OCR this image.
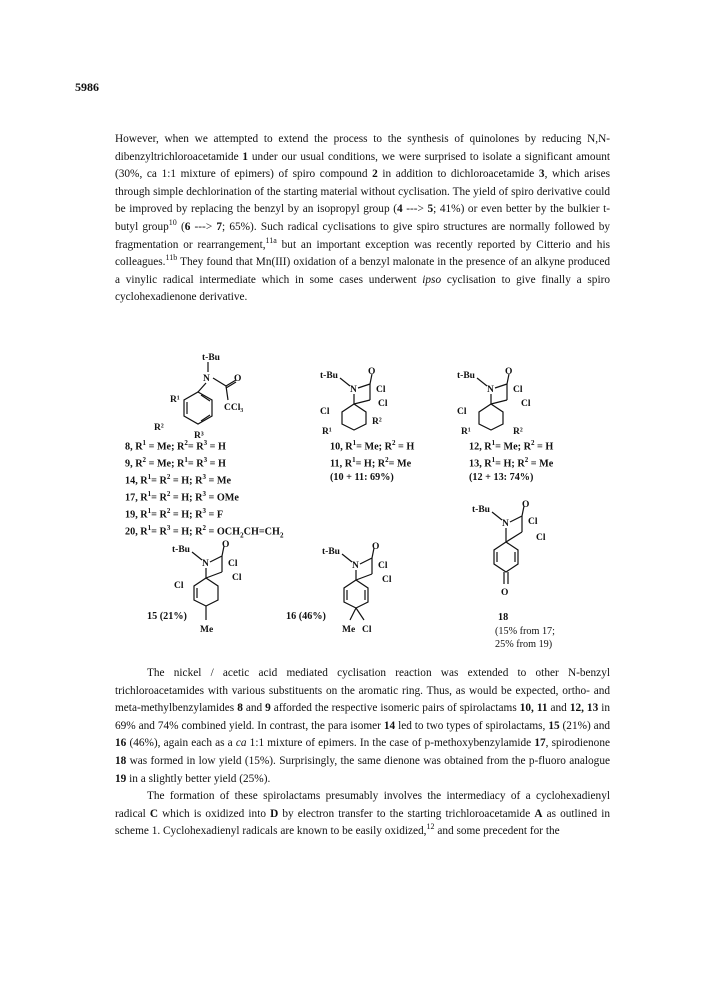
5986

However, when we attempted to extend the process to the synthesis of quinolones by reducing N,N-dibenzyltrichloroacetamide 1 under our usual conditions, we were surprised to isolate a significant amount (30%, ca 1:1 mixture of epimers) of spiro compound 2 in addition to dichloroacetamide 3, which arises through simple dechlorination of the starting material without cyclisation. The yield of spiro derivative could be improved by replacing the benzyl by an isopropyl group (4 ---> 5; 41%) or even better by the bulkier t-butyl group$^{10}$ (6 ---> 7; 65%). Such radical cyclisations to give spiro structures are normally followed by fragmentation or rearrangement,$^{11a}$ but an important exception was recently reported by Citterio and his colleagues.$^{11b}$ They found that Mn(III) oxidation of a benzyl malonate in the presence of an alkyne produced a vinylic radical intermediate which in some cases underwent ipso cyclisation to give finally a spiro cyclohexadienone derivative.

t-Bu
N	O
CCl₃
R¹
R²
R³
t-Bu
N
O
Cl
Cl
Cl
R²
R¹
t-Bu
N
O
Cl
Cl
Cl
R¹	R²
8, $R^1 = Me$; $R^2= R^3 = H$
9, $R^2 = Me$; $R^1= R^3 = H$
14, $R^1= R^2 = H$; $R^3 = Me$
17, $R^1= R^2 = H$; $R^3$ = OMe
19, $R^1= R^2 = H$; $R^3 = F$
20, $R^1= R^3 = H$; $R^2 = OCH_2CH=CH_2$
10, $R^1= Me$; $R^2 = H$
11, $R^1= H$; $R^2= Me$
(10 + 11: 69%)
12, $R^1= Me$; $R^2 = H$
13, $R^1= H$; $R^2 = Me$
(12 + 13: 74%)
t-Bu
N
O
Cl
Cl
Cl
Me
15 (21%)
t-Bu
N
O
Cl
Cl
Me Cl
16 (46%)
t-Bu
N
O
Cl
Cl
O
18
(15% from 17;
25% from 19)

The nickel / acetic acid mediated cyclisation reaction was extended to other N-benzyl trichloroacetamides with various substituents on the aromatic ring. Thus, as would be expected, ortho- and meta-methylbenzylamides 8 and 9 afforded the respective isomeric pairs of spirolactams 10, 11 and 12, 13 in 69% and 74% combined yield. In contrast, the para isomer 14 led to two types of spirolactams, 15 (21%) and 16 (46%), again each as a ca 1:1 mixture of epimers. In the case of p-methoxybenzylamide 17, spirodienone 18 was formed in low yield (15%). Surprisingly, the same dienone was obtained from the p-fluoro analogue 19 in a slightly better yield (25%).

The formation of these spirolactams presumably involves the intermediacy of a cyclohexadienyl radical C which is oxidized into D by electron transfer to the starting trichloroacetamide A as outlined in scheme 1. Cyclohexadienyl radicals are known to be easily oxidized,$^{12}$ and some precedent for the
